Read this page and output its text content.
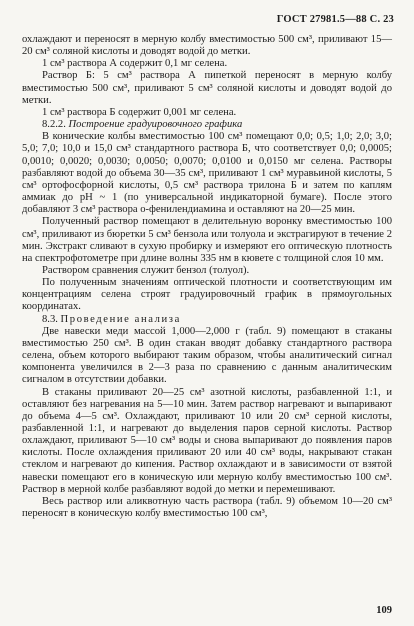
ГОСТ 27981.5—88 С. 23

охлаждают и переносят в мерную колбу вместимостью 500 см³, приливают 15—20 см³ соляной кислоты и доводят водой до метки.

1 см³ раствора А содержит 0,1 мг селена.

Раствор Б: 5 см³ раствора А пипеткой переносят в мерную колбу вместимостью 500 см³, приливают 5 см³ соляной кислоты и доводят водой до метки.

1 см³ раствора Б содержит 0,001 мг селена.

8.2.2. Построение градуировочного графика

В конические колбы вместимостью 100 см³ помещают 0,0; 0,5; 1,0; 2,0; 3,0; 5,0; 7,0; 10,0 и 15,0 см³ стандартного раствора Б, что соответствует 0,0; 0,0005; 0,0010; 0,0020; 0,0030; 0,0050; 0,0070; 0,0100 и 0,0150 мг селена. Растворы разбавляют водой до объема 30—35 см³, приливают 1 см³ муравьиной кислоты, 5 см³ ортофосфорной кислоты, 0,5 см³ раствора трилона Б и затем по каплям аммиак до pH ~ 1 (по универсальной индикаторной бумаге). После этого добавляют 3 см³ раствора о-фенилендиамина и оставляют на 20—25 мин.

Полученный раствор помещают в делительную воронку вместимостью 100 см³, приливают из бюретки 5 см³ бензола или толуола и экстрагируют в течение 2 мин. Экстракт сливают в сухую пробирку и измеряют его оптическую плотность на спектрофотометре при длине волны 335 нм в кювете с толщиной слоя 10 мм.

Раствором сравнения служит бензол (толуол).

По полученным значениям оптической плотности и соответствующим им концентрациям селена строят градуировочный график в прямоугольных координатах.

8.3. Проведение анализа

Две навески меди массой 1,000—2,000 г (табл. 9) помещают в стаканы вместимостью 250 см³. В один стакан вводят добавку стандартного раствора селена, объем которого выбирают таким образом, чтобы аналитический сигнал компонента увеличился в 2—3 раза по сравнению с данным аналитическим сигналом в отсутствии добавки.

В стаканы приливают 20—25 см³ азотной кислоты, разбавленной 1:1, и оставляют без нагревания на 5—10 мин. Затем раствор нагревают и выпаривают до объема 4—5 см³. Охлаждают, приливают 10 или 20 см³ серной кислоты, разбавленной 1:1, и нагревают до выделения паров серной кислоты. Раствор охлаждают, приливают 5—10 см³ воды и снова выпаривают до появления паров кислоты. После охлаждения приливают 20 или 40 см³ воды, накрывают стакан стеклом и нагревают до кипения. Раствор охлаждают и в зависимости от взятой навески помещают его в коническую или мерную колбу вместимостью 100 см³. Раствор в мерной колбе разбавляют водой до метки и перемешивают.

Весь раствор или аликвотную часть раствора (табл. 9) объемом 10—20 см³ переносят в коническую колбу вместимостью 100 см³,

109
